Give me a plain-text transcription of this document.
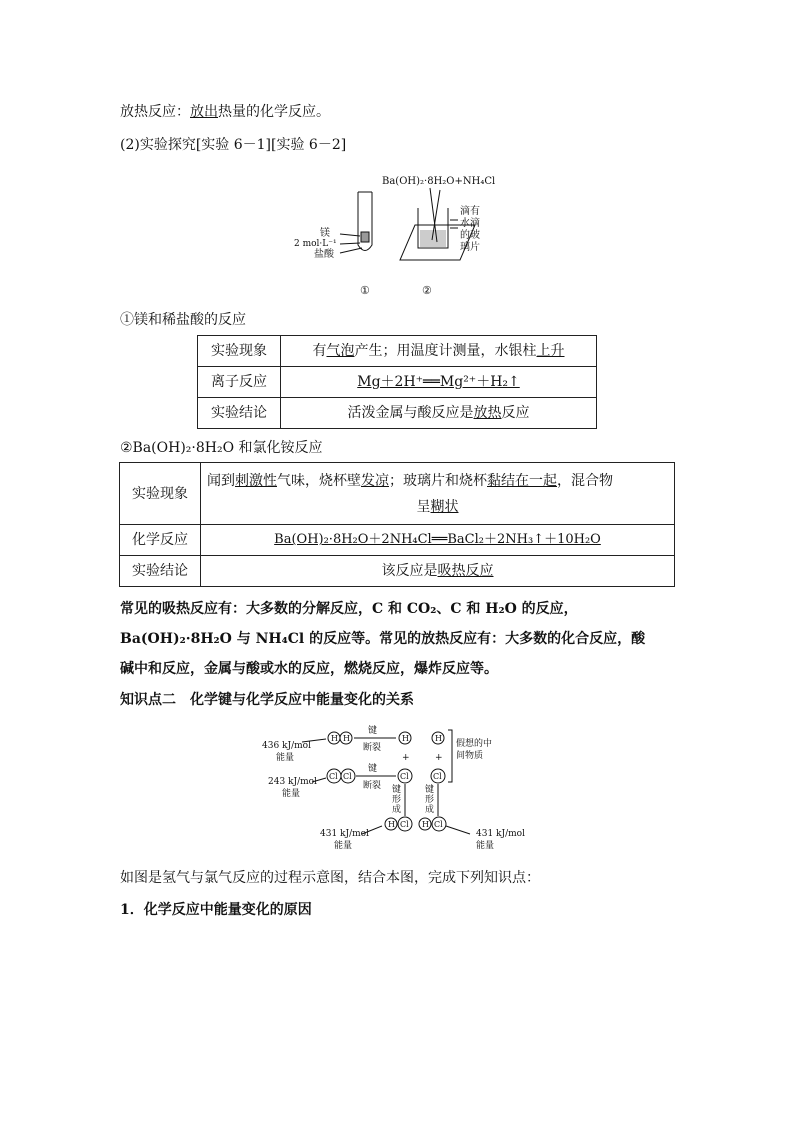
放热反应：放出热量的化学反应。
(2)实验探究[实验 6－1][实验 6－2]
镁
2 mol·L⁻¹
盐酸
Ba(OH)₂·8H₂O+NH₄Cl
滴有
水滴
的玻
璃片
①	②
①镁和稀盐酸的反应
实验现象	有气泡产生；用温度计测量，水银柱上升
离子反应	Mg＋2H⁺══Mg²⁺＋H₂↑
实验结论	活泼金属与酸反应是放热反应
②Ba(OH)₂·8H₂O 和氯化铵反应
实验现象	闻到刺激性气味，烧杯壁发凉；玻璃片和烧杯黏结在一起，混合物
呈糊状

化学反应	Ba(OH)₂·8H₂O＋2NH₄Cl══BaCl₂＋2NH₃↑＋10H₂O
实验结论	该反应是吸热反应
常见的吸热反应有：大多数的分解反应，C 和 CO₂、C 和 H₂O 的反应，
Ba(OH)₂·8H₂O 与 NH₄Cl 的反应等。常见的放热反应有：大多数的化合反应，酸
碱中和反应，金属与酸或水的反应，燃烧反应，爆炸反应等。
知识点二　化学键与化学反应中能量变化的关系
H H	H	H
Cl Cl	Cl	Cl
H Cl H Cl
436 kJ/mol
能量
243 kJ/mol
能量
键
断裂
键
断裂
+	+
假想的中
间物质
键
形
成
键
形
成
431 kJ/mol
能量
431 kJ/mol
能量
如图是氢气与氯气反应的过程示意图，结合本图，完成下列知识点：
1．化学反应中能量变化的原因
